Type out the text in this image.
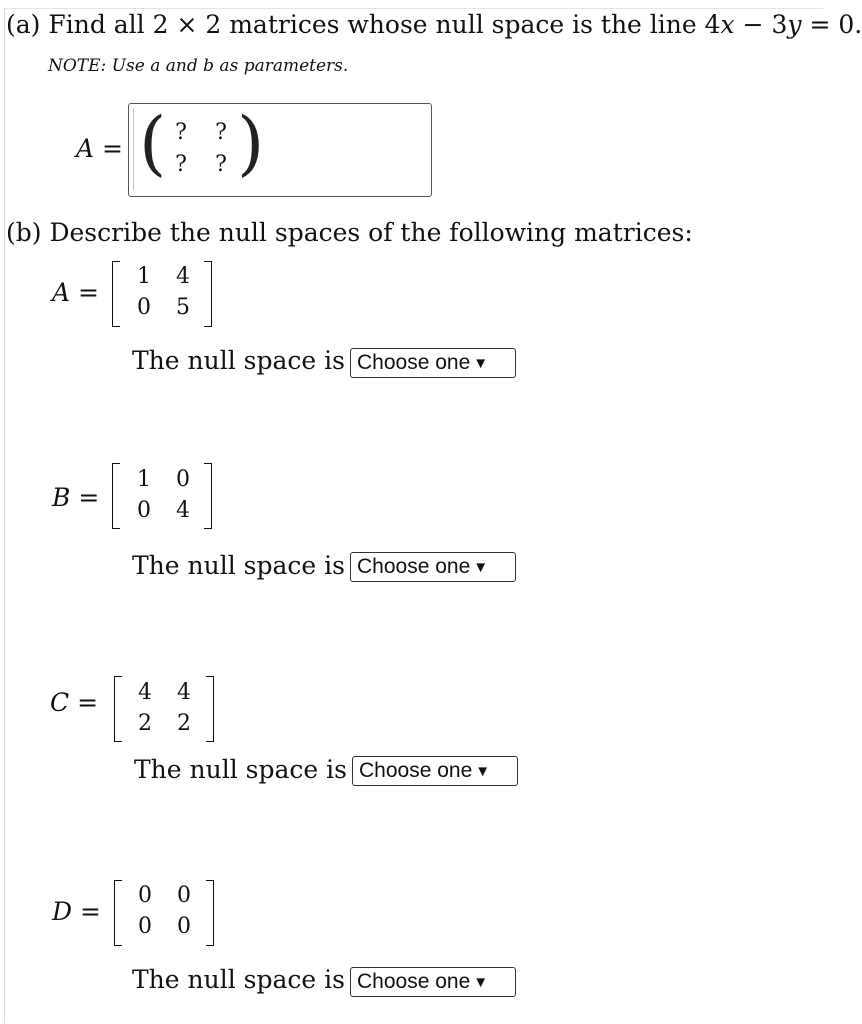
(a) Find all 2 × 2 matrices whose null space is the line 4x − 3y = 0.
NOTE: Use a and b as parameters.
A = ( )
? ?
? ?
(b) Describe the null spaces of the following matrices:
A =
1 4
0 5
The null space is Choose one ▼
B =
1 0
0 4
The null space is Choose one ▼
C = 4 4
2 2
The null space is Choose one ▼
D =
0 0
0 0
The null space is Choose one ▼
